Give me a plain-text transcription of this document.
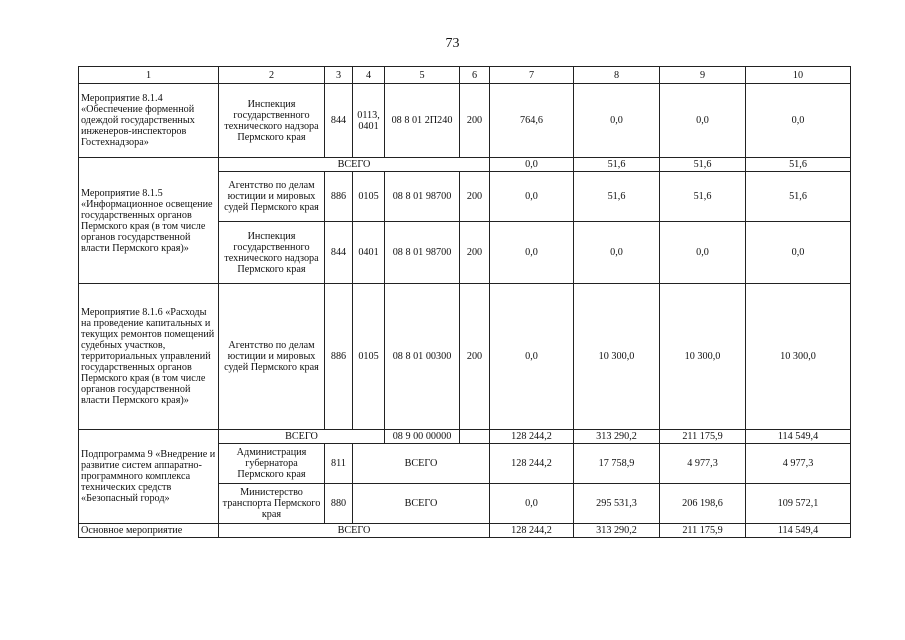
73
1	2	3	4	5	6	7	8	9	10
Мероприятие 8.1.4 «Обеспечение форменной одеждой государственных инженеров-инспекторов Гостехнадзора»	Инспекция государственного технического надзора Пермского края	844	0113, 0401	08 8 01 2П240	200	764,6	0,0	0,0	0,0
Мероприятие 8.1.5 «Информационное освещение государственных органов Пермского края (в том числе органов государственной власти Пермского края)»	ВСЕГО					0,0	51,6	51,6	51,6
	Агентство по делам юстиции и мировых судей Пермского края	886	0105	08 8 01 98700	200	0,0	51,6	51,6	51,6
	Инспекция государственного технического надзора Пермского края	844	0401	08 8 01 98700	200	0,0	0,0	0,0	0,0
Мероприятие 8.1.6 «Расходы на проведение капитальных и текущих ремонтов помещений судебных участков, территориальных управлений государственных органов Пермского края (в том числе органов государственной власти Пермского края)»	Агентство по делам юстиции и мировых судей Пермского края	886	0105	08 8 01 00300	200	0,0	10 300,0	10 300,0	10 300,0
Подпрограмма 9 «Внедрение и развитие систем аппаратно-программного комплекса технических средств «Безопасный город»	ВСЕГО			08 9 00 00000		128 244,2	313 290,2	211 175,9	114 549,4
	Администрация губернатора Пермского края	811	ВСЕГО			128 244,2	17 758,9	4 977,3	4 977,3
	Министерство транспорта Пермского края	880	ВСЕГО			0,0	295 531,3	206 198,6	109 572,1
Основное мероприятие	ВСЕГО					128 244,2	313 290,2	211 175,9	114 549,4
